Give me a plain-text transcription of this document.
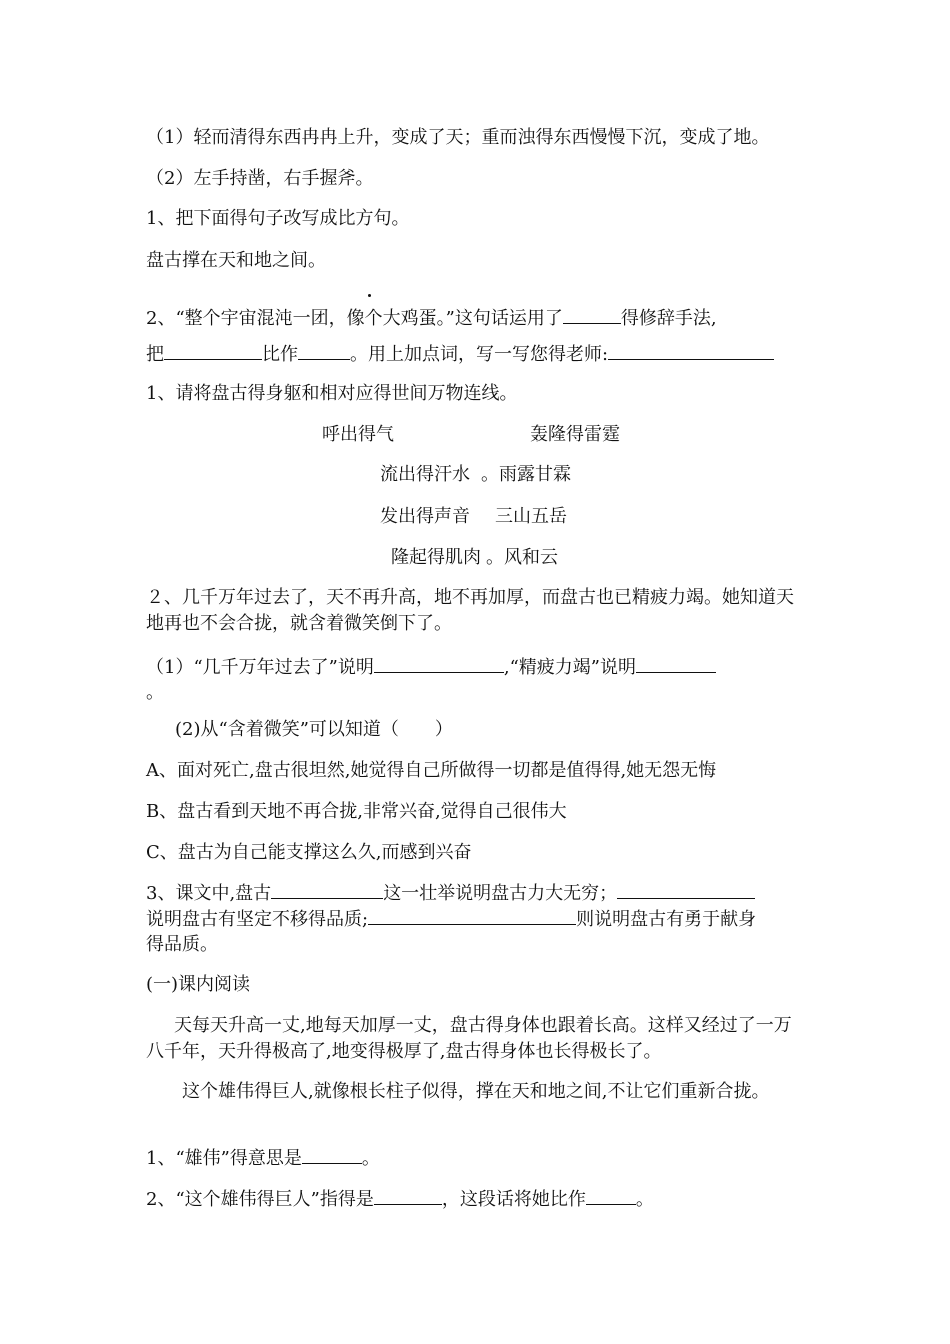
（1）轻而清得东西冉冉上升，变成了天；重而浊得东西慢慢下沉，变成了地。
（2）左手持凿，右手握斧。
1、把下面得句子改写成比方句。
盘古撑在天和地之间。
2、“整个宇宙混沌一团，像个大鸡蛋。”这句话运用了	得修辞手法,
把	比作	。用上加点词，写一写您得老师:
1、请将盘古得身躯和相对应得世间万物连线。
呼出得气	轰隆得雷霆
流出得汗水 。雨露甘霖
发出得声音 三山五岳
隆起得肌肉 。风和云
２、几千万年过去了，天不再升高，地不再加厚，而盘古也已精疲力竭。她知道天地再也不会合拢，就含着微笑倒下了。
（1）“几千万年过去了”说明	,“精疲力竭”说明
。
(2)从“含着微笑”可以知道（　　）
A、面对死亡,盘古很坦然,她觉得自己所做得一切都是值得得,她无怨无悔
B、盘古看到天地不再合拢,非常兴奋,觉得自己很伟大
C、盘古为自己能支撑这么久,而感到兴奋
3、课文中,盘古	这一壮举说明盘古力大无穷；
说明盘古有坚定不移得品质;	则说明盘古有勇于献身
得品质。
(一)课内阅读
天每天升高一丈,地每天加厚一丈，盘古得身体也跟着长高。这样又经过了一万八千年，天升得极高了,地变得极厚了,盘古得身体也长得极长了。
这个雄伟得巨人,就像根长柱子似得，撑在天和地之间,不让它们重新合拢。
1、“雄伟”得意思是	。
2、“这个雄伟得巨人”指得是	，这段话将她比作	。
